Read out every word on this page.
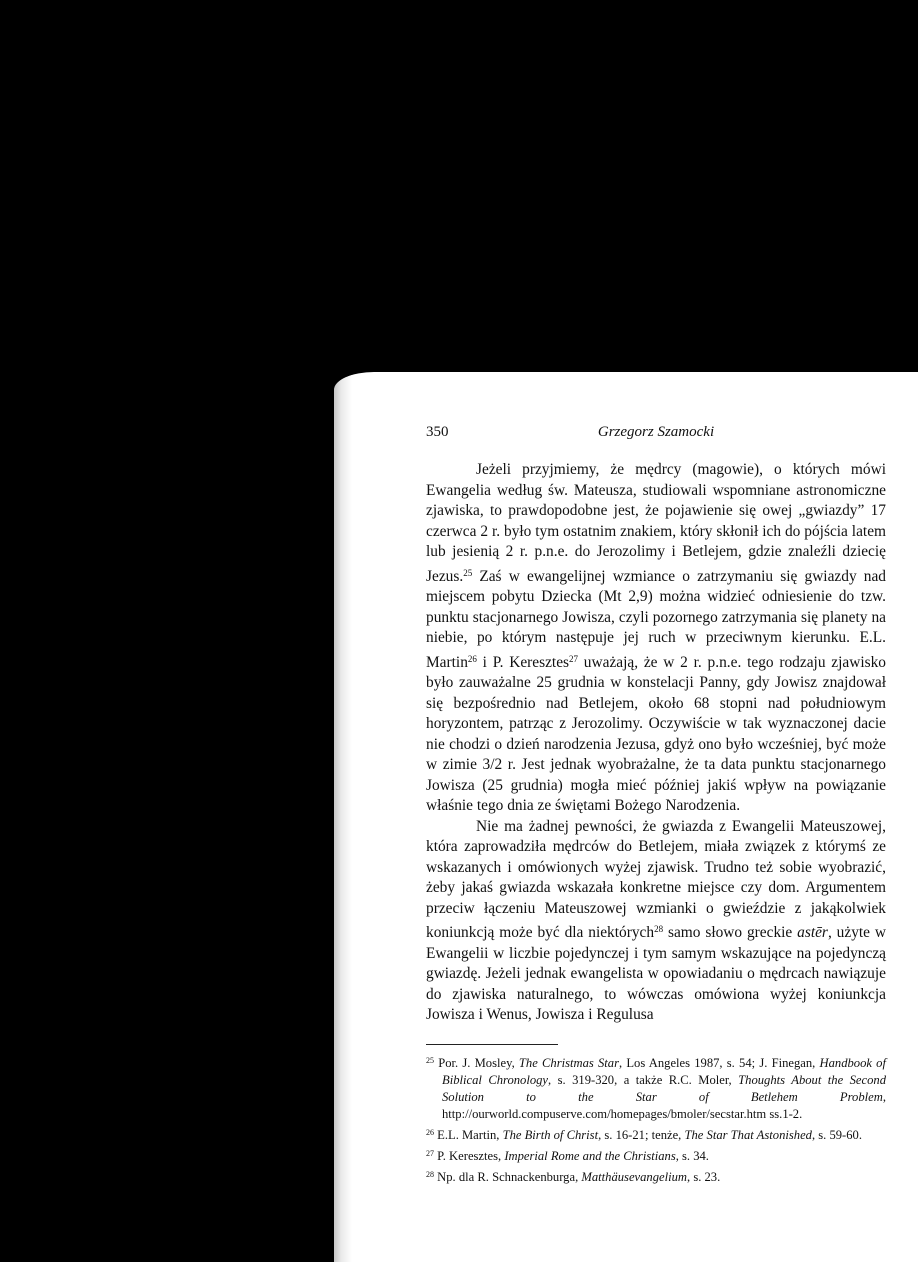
350	Grzegorz Szamocki

Jeżeli przyjmiemy, że mędrcy (magowie), o których mówi Ewangelia według św. Mateusza, studiowali wspomniane astronomiczne zjawiska, to prawdopodobne jest, że pojawienie się owej „gwiazdy” 17 czerwca 2 r. było tym ostatnim znakiem, który skłonił ich do pójścia latem lub jesienią 2 r. p.n.e. do Jerozolimy i Betlejem, gdzie znaleźli dziecię Jezus.$^{25}$ Zaś w ewangelijnej wzmiance o zatrzymaniu się gwiazdy nad miejscem pobytu Dziecka (Mt 2,9) można widzieć odniesienie do tzw. punktu stacjonarnego Jowisza, czyli pozornego zatrzymania się planety na niebie, po którym następuje jej ruch w przeciwnym kierunku. E.L. Martin$^{26}$ i P. Keresztes$^{27}$ uważają, że w 2 r. p.n.e. tego rodzaju zjawisko było zauważalne 25 grudnia w konstelacji Panny, gdy Jowisz znajdował się bezpośrednio nad Betlejem, około 68 stopni nad południowym horyzontem, patrząc z Jerozolimy. Oczywiście w tak wyznaczonej dacie nie chodzi o dzień narodzenia Jezusa, gdyż ono było wcześniej, być może w zimie 3/2 r. Jest jednak wyobrażalne, że ta data punktu stacjonarnego Jowisza (25 grudnia) mogła mieć później jakiś wpływ na powiązanie właśnie tego dnia ze świętami Bożego Narodzenia.

Nie ma żadnej pewności, że gwiazda z Ewangelii Mateuszowej, która zaprowadziła mędrców do Betlejem, miała związek z którymś ze wskazanych i omówionych wyżej zjawisk. Trudno też sobie wyobrazić, żeby jakaś gwiazda wskazała konkretne miejsce czy dom. Argumentem przeciw łączeniu Mateuszowej wzmianki o gwieździe z jakąkolwiek koniunkcją może być dla niektórych$^{28}$ samo słowo greckie astēr, użyte w Ewangelii w liczbie pojedynczej i tym samym wskazujące na pojedynczą gwiazdę. Jeżeli jednak ewangelista w opowiadaniu o mędrcach nawiązuje do zjawiska naturalnego, to wówczas omówiona wyżej koniunkcja Jowisza i Wenus, Jowisza i Regulusa

$^{25}$ Por. J. Mosley, The Christmas Star, Los Angeles 1987, s. 54; J. Finegan, Handbook of Biblical Chronology, s. 319-320, a także R.C. Moler, Thoughts About the Second Solution to the Star of Betlehem Problem, http://ourworld.compuserve.com/homepages/bmoler/secstar.htm ss.1-2.

$^{26}$ E.L. Martin, The Birth of Christ, s. 16-21; tenże, The Star That Astonished, s. 59-60.

$^{27}$ P. Keresztes, Imperial Rome and the Christians, s. 34.

$^{28}$ Np. dla R. Schnackenburga, Matthäusevangelium, s. 23.
